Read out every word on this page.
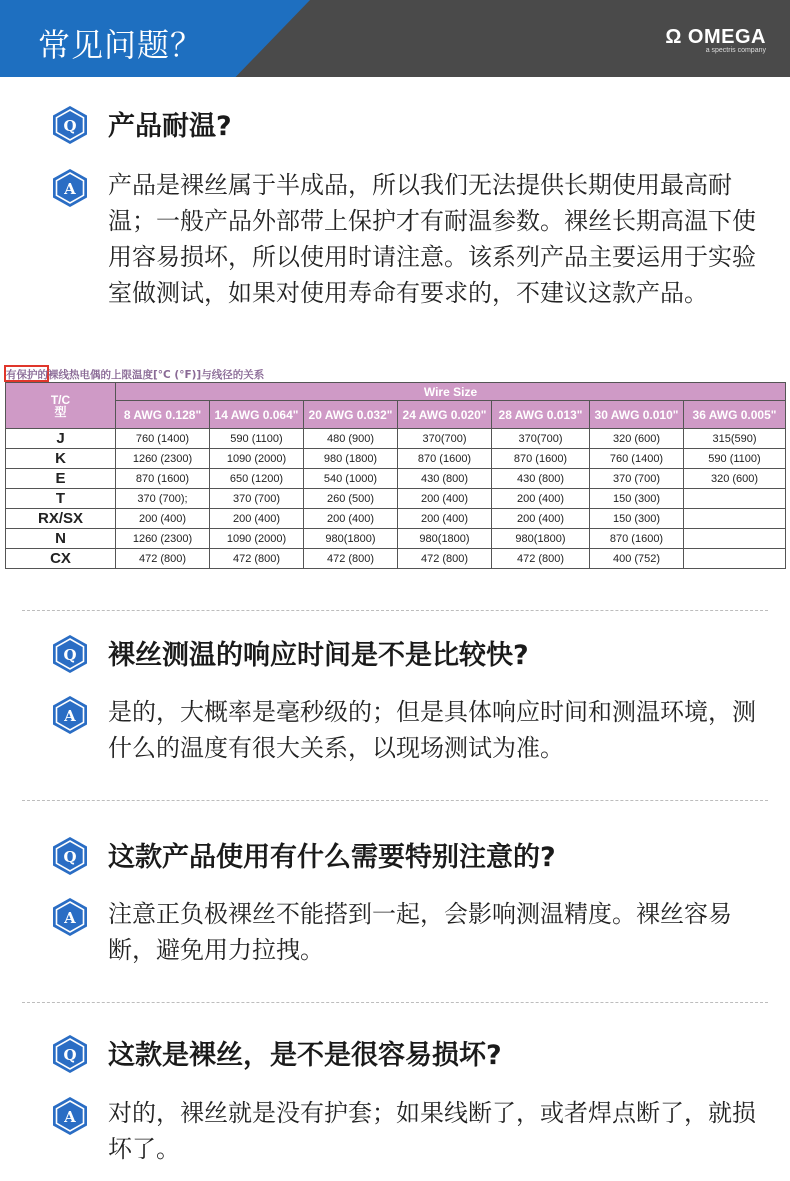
常见问题？	Ω OMEGA
a spectris company
Q 产品耐温?
A 产品是裸丝属于半成品，所以我们无法提供长期使用最高耐温；一般产品外部带上保护才有耐温参数。裸丝长期高温下使用容易损坏，所以使用时请注意。该系列产品主要运用于实验室做测试，如果对使用寿命有要求的，不建议这款产品。
有保护的裸线热电偶的上限温度[°C (°F)]与线径的关系
T/C
型	Wire Size						
	8 AWG 0.128"	14 AWG 0.064"	20 AWG 0.032"	24 AWG 0.020"	28 AWG 0.013"	30 AWG 0.010"	36 AWG 0.005"
J	760 (1400)	590 (1100)	480 (900)	370(700)	370(700)	320 (600)	315(590)
K	1260 (2300)	1090 (2000)	980 (1800)	870 (1600)	870 (1600)	760 (1400)	590 (1100)
E	870 (1600)	650 (1200)	540 (1000)	430 (800)	430 (800)	370 (700)	320 (600)
T	370 (700);	370 (700)	260 (500)	200 (400)	200 (400)	150 (300)	
RX/SX	200 (400)	200 (400)	200 (400)	200 (400)	200 (400)	150 (300)	
N	1260 (2300)	1090 (2000)	980(1800)	980(1800)	980(1800)	870 (1600)	
CX	472 (800)	472 (800)	472 (800)	472 (800)	472 (800)	400 (752)	
Q 裸丝测温的响应时间是不是比较快?
A 是的，大概率是毫秒级的；但是具体响应时间和测温环境，测什么的温度有很大关系，以现场测试为准。
Q 这款产品使用有什么需要特别注意的?
A 注意正负极裸丝不能搭到一起，会影响测温精度。裸丝容易断，避免用力拉拽。
Q 这款是裸丝，是不是很容易损坏?
A 对的，裸丝就是没有护套；如果线断了，或者焊点断了，就损坏了。
